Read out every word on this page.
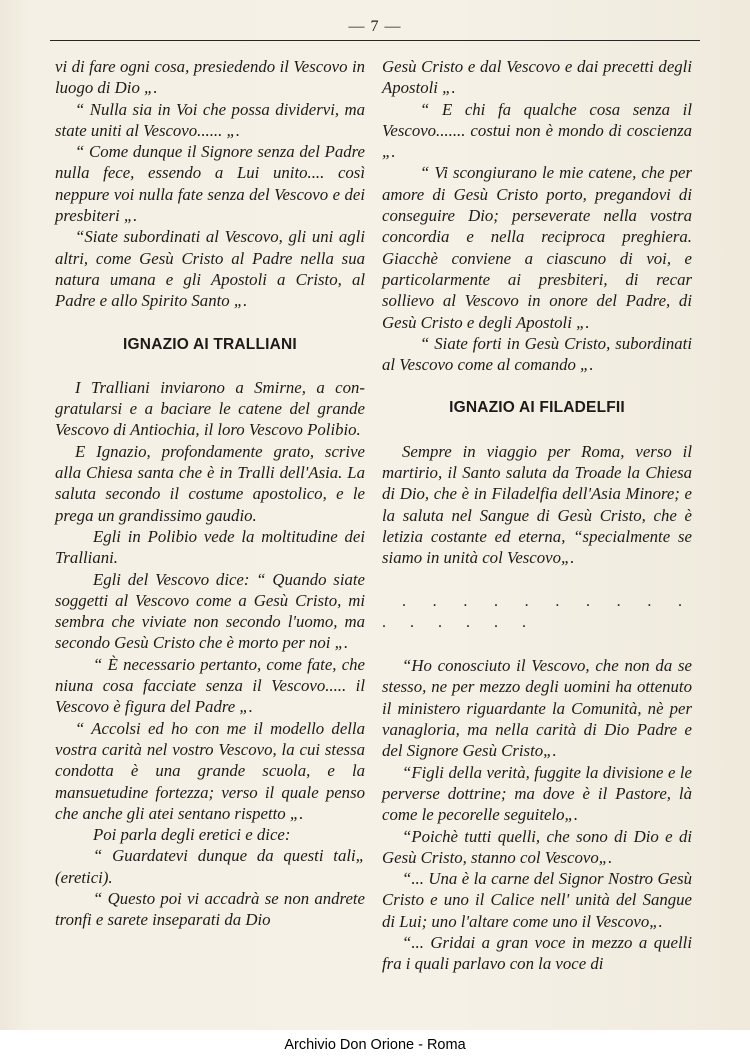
— 7 —

vi di fare ogni cosa, presiedendo il Vescovo in luogo di Dio „.

“ Nulla sia in Voi che possa dividervi, ma state uniti al Vescovo...... „.

“ Come dunque il Signore senza del Padre nulla fece, essendo a Lui unito.... così neppure voi nulla fate senza del Vescovo e dei presbiteri „.

“Siate subordinati al Vescovo, gli uni agli altri, come Gesù Cristo al Padre nella sua natura umana e gli Apostoli a Cristo, al Padre e allo Spirito Santo „.

IGNAZIO AI TRALLIANI

I Tralliani inviarono a Smirne, a congratularsi e a baciare le catene del grande Vescovo di Antiochia, il loro Vescovo Polibio.

E Ignazio, profondamente grato, scrive alla Chiesa santa che è in Tralli dell'Asia. La saluta secondo il costume apostolico, e le prega un grandissimo gaudio.

Egli in Polibio vede la moltitudine dei Tralliani.

Egli del Vescovo dice: “ Quando siate soggetti al Vescovo come a Gesù Cristo, mi sembra che viviate non secondo l'uomo, ma secondo Gesù Cristo che è morto per noi „.

“ È necessario pertanto, come fate, che niuna cosa facciate senza il Vescovo..... il Vescovo è figura del Padre „.

“ Accolsi ed ho con me il modello della vostra carità nel vostro Vescovo, la cui stessa condotta è una grande scuola, e la mansuetudine fortezza; verso il quale penso che anche gli atei sentano rispetto „.

Poi parla degli eretici e dice:

“ Guardatevi dunque da questi tali„ (eretici).

“ Questo poi vi accadrà se non andrete tronfi e sarete inseparati da Dio

Gesù Cristo e dal Vescovo e dai precetti degli Apostoli „.

“ E chi fa qualche cosa senza il Vescovo....... costui non è mondo di coscienza „.

“ Vi scongiurano le mie catene, che per amore di Gesù Cristo porto, pregandovi di conseguire Dio; perseverate nella vostra concordia e nella reciproca preghiera. Giacchè conviene a ciascuno di voi, e particolarmente ai presbiteri, di recar sollievo al Vescovo in onore del Padre, di Gesù Cristo e degli Apostoli „.

“ Siate forti in Gesù Cristo, subordinati al Vescovo come al comando „.

IGNAZIO AI FILADELFII

Sempre in viaggio per Roma, verso il martirio, il Santo saluta da Troade la Chiesa di Dio, che è in Filadelfia dell'Asia Minore; e la saluta nel Sangue di Gesù Cristo, che è letizia costante ed eterna, “specialmente se siamo in unità col Vescovo„.

. . . . . . . . . . . . . . . .

“Ho conosciuto il Vescovo, che non da se stesso, ne per mezzo degli uomini ha ottenuto il ministero riguardante la Comunità, nè per vanagloria, ma nella carità di Dio Padre e del Signore Gesù Cristo„.

“Figli della verità, fuggite la divisione e le perverse dottrine; ma dove è il Pastore, là come le pecorelle seguitelo„.

“Poichè tutti quelli, che sono di Dio e di Gesù Cristo, stanno col Vescovo„.

“... Una è la carne del Signor Nostro Gesù Cristo e uno il Calice nell' unità del Sangue di Lui; uno l'altare come uno il Vescovo„.

“... Gridai a gran voce in mezzo a quelli fra i quali parlavo con la voce di

Archivio Don Orione - Roma
